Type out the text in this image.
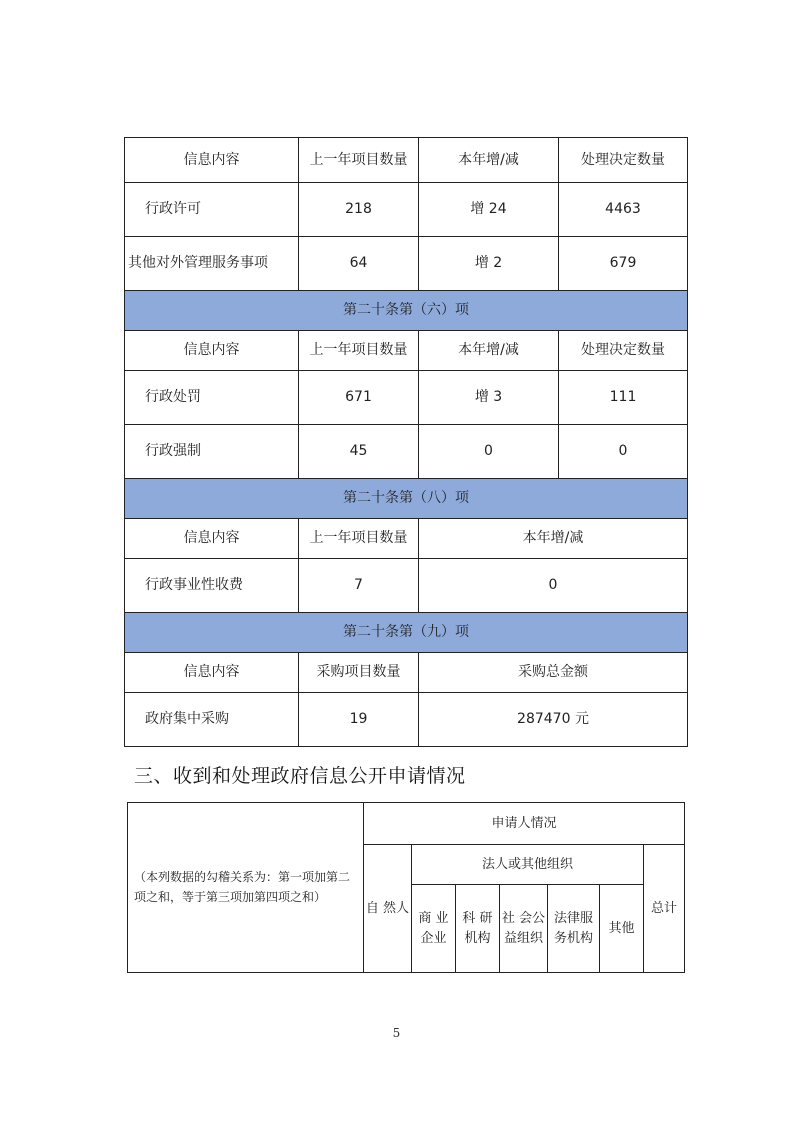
信息内容	上一年项目数量	本年增/减	处理决定数量
行政许可	218	增 24	4463
其他对外管理服务事项	64	增 2	679
第二十条第（六）项			
信息内容	上一年项目数量	本年增/减	处理决定数量
行政处罚	671	增 3	111
行政强制	45	0	0
第二十条第（八）项			
信息内容	上一年项目数量	本年增/减	
行政事业性收费	7	0	
第二十条第（九）项			
信息内容	采购项目数量	采购总金额	
政府集中采购	19	287470 元	
三、收到和处理政府信息公开申请情况
（本列数据的勾稽关系为：第一项加第二项之和，等于第三项加第四项之和）	申请人情况						
	自 然人	法人或其他组织					总计
		商 业企业	科 研机构	社 会公 益组织	法律服务机构	其他	
5
